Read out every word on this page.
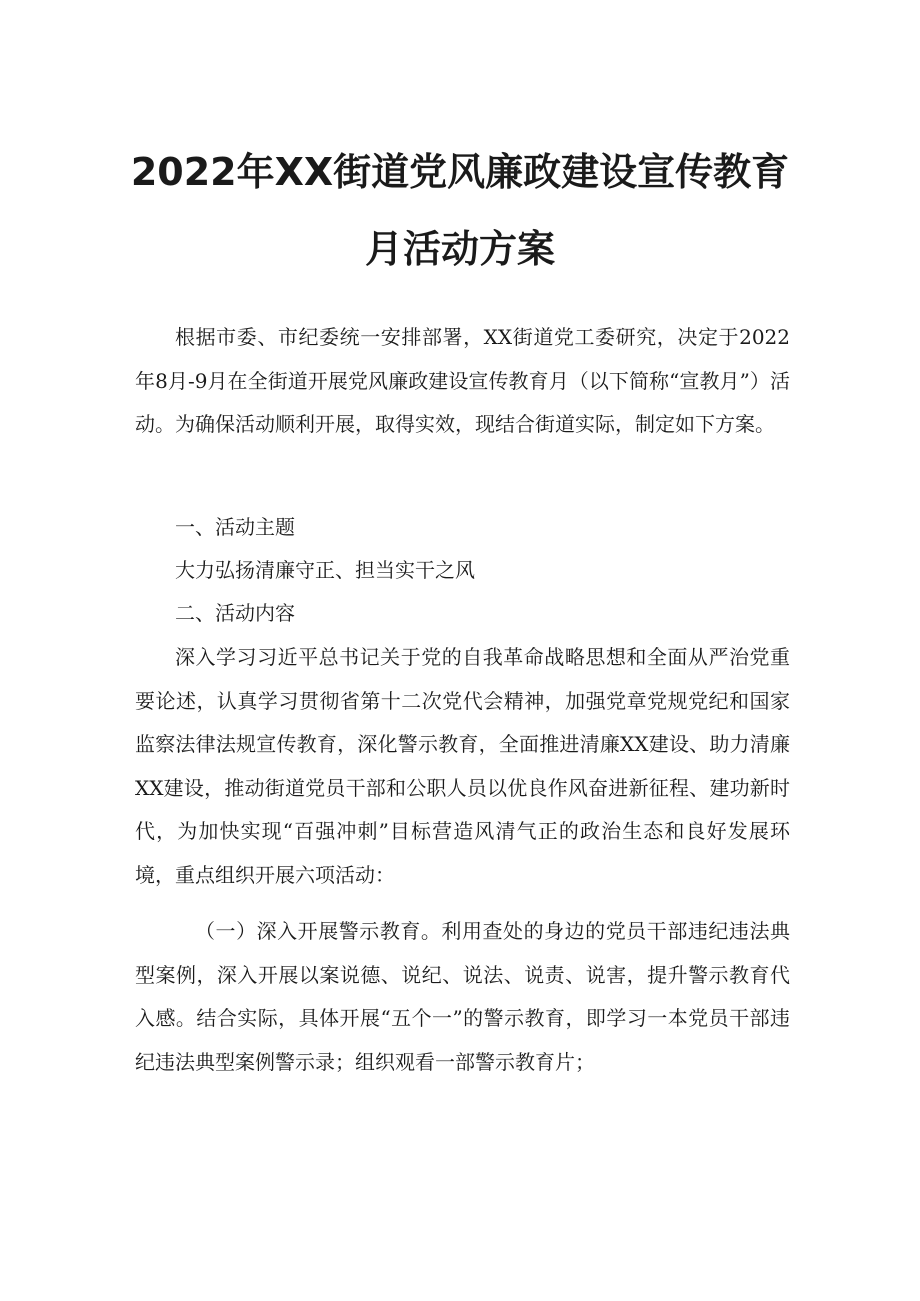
2022年XX街道党风廉政建设宣传教育
月活动方案

根据市委、市纪委统一安排部署，XX街道党工委研究，决定于2022年8月-9月在全街道开展党风廉政建设宣传教育月（以下简称“宣教月”）活动。为确保活动顺利开展，取得实效，现结合街道实际，制定如下方案。

一、活动主题

大力弘扬清廉守正、担当实干之风

二、活动内容

深入学习习近平总书记关于党的自我革命战略思想和全面从严治党重要论述，认真学习贯彻省第十二次党代会精神，加强党章党规党纪和国家监察法律法规宣传教育，深化警示教育，全面推进清廉XX建设、助力清廉XX建设，推动街道党员干部和公职人员以优良作风奋进新征程、建功新时代，为加快实现“百强冲刺”目标营造风清气正的政治生态和良好发展环境，重点组织开展六项活动：

（一）深入开展警示教育。利用查处的身边的党员干部违纪违法典型案例，深入开展以案说德、说纪、说法、说责、说害，提升警示教育代入感。结合实际，具体开展“五个一”的警示教育，即学习一本党员干部违纪违法典型案例警示录；组织观看一部警示教育片；
